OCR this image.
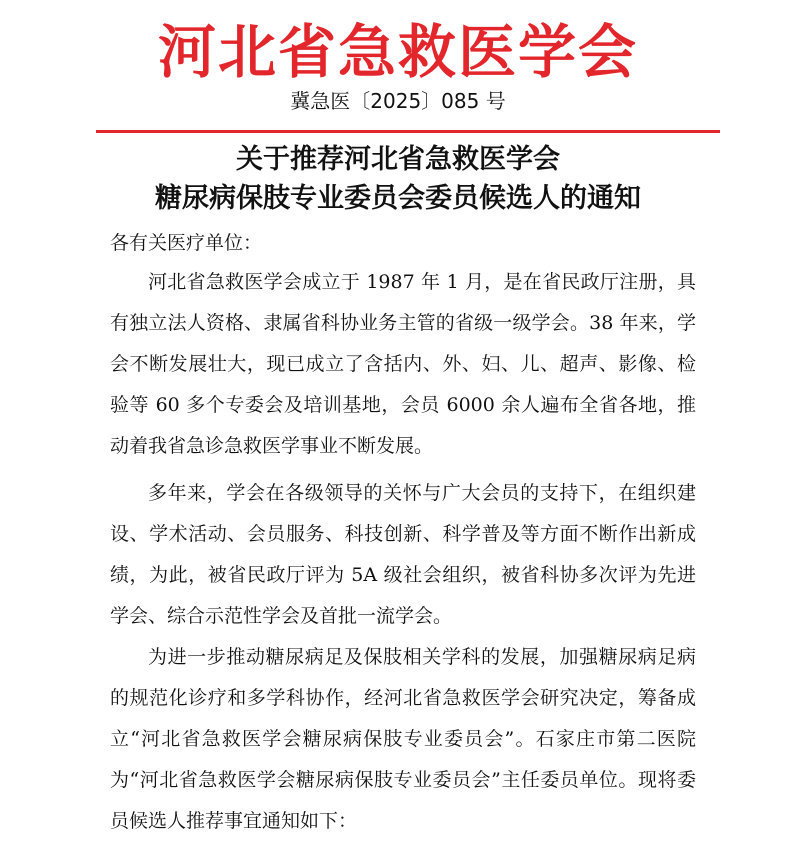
河北省急救医学会
冀急医〔2025〕085 号
关于推荐河北省急救医学会
糖尿病保肢专业委员会委员候选人的通知
各有关医疗单位：

河北省急救医学会成立于 1987 年 1 月，是在省民政厅注册，具有独立法人资格、隶属省科协业务主管的省级一级学会。38 年来，学会不断发展壮大，现已成立了含括内、外、妇、儿、超声、影像、检验等 60 多个专委会及培训基地，会员 6000 余人遍布全省各地，推动着我省急诊急救医学事业不断发展。

多年来，学会在各级领导的关怀与广大会员的支持下，在组织建设、学术活动、会员服务、科技创新、科学普及等方面不断作出新成绩，为此，被省民政厅评为 5A 级社会组织，被省科协多次评为先进学会、综合示范性学会及首批一流学会。

为进一步推动糖尿病足及保肢相关学科的发展，加强糖尿病足病的规范化诊疗和多学科协作，经河北省急救医学会研究决定，筹备成立“河北省急救医学会糖尿病保肢专业委员会”。石家庄市第二医院为“河北省急救医学会糖尿病保肢专业委员会”主任委员单位。现将委员候选人推荐事宜通知如下：
